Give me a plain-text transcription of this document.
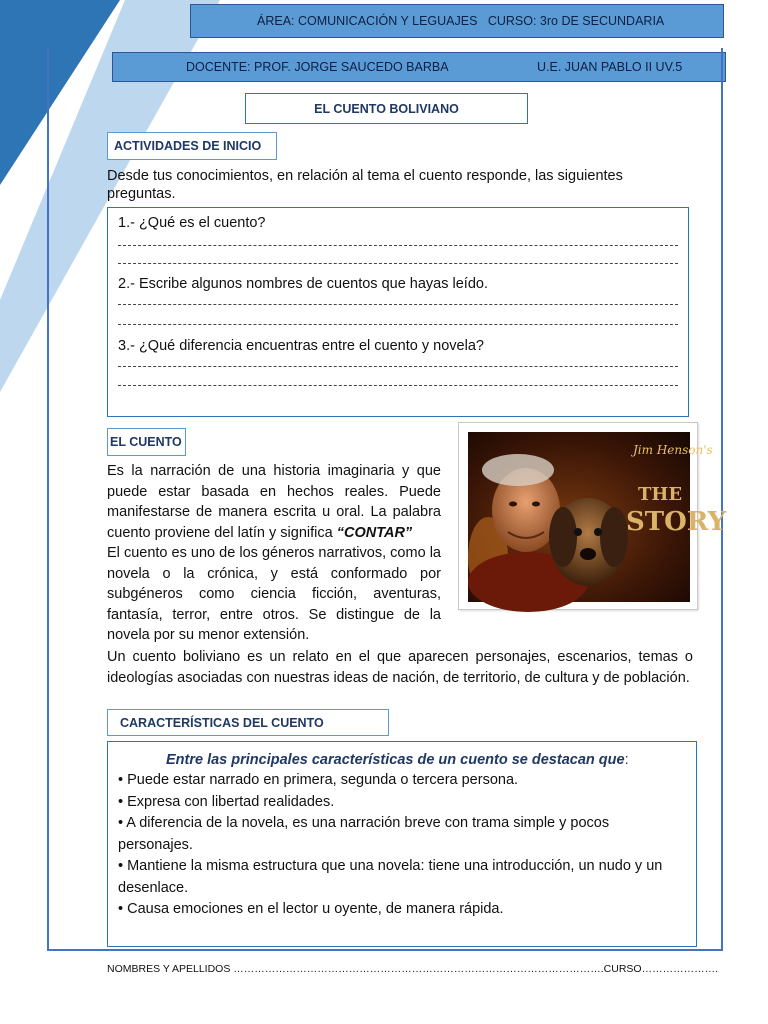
ÁREA: COMUNICACIÓN Y LEGUAJES   CURSO: 3ro DE SECUNDARIA
DOCENTE: PROF. JORGE SAUCEDO BARBA	U.E. JUAN PABLO II UV.5
EL CUENTO BOLIVIANO
ACTIVIDADES DE INICIO
Desde tus conocimientos, en relación al tema el cuento responde, las siguientes preguntas.
1.- ¿Qué es el cuento?
2.- Escribe algunos nombres de cuentos que hayas leído.
3.- ¿Qué diferencia encuentras entre el cuento y novela?
EL CUENTO
Es la narración de una historia imaginaria y que puede estar basada en hechos reales. Puede manifestarse de manera escrita u oral. La palabra cuento proviene del latín y significa “CONTAR”
El cuento es uno de los géneros narrativos, como la novela o la crónica, y está conformado por subgéneros como ciencia ficción, aventuras, fantasía, terror, entre otros. Se distingue de la novela por su menor extensión.
Jim Henson's
THE
STORY
Un cuento boliviano es un relato en el que aparecen personajes, escenarios, temas o ideologías asociadas con nuestras ideas de nación, de territorio, de cultura y de población.
CARACTERÍSTICAS DEL CUENTO
Entre las principales características de un cuento se destacan que:
• Puede estar narrado en primera, segunda o tercera persona.
• Expresa con libertad realidades.
• A diferencia de la novela, es una narración breve con trama simple y pocos personajes.
• Mantiene la misma estructura que una novela: tiene una introducción, un nudo y un desenlace.
• Causa emociones en el lector u oyente, de manera rápida.
NOMBRES Y APELLIDOS …………………………………………………………………………………………….CURSO………………….
